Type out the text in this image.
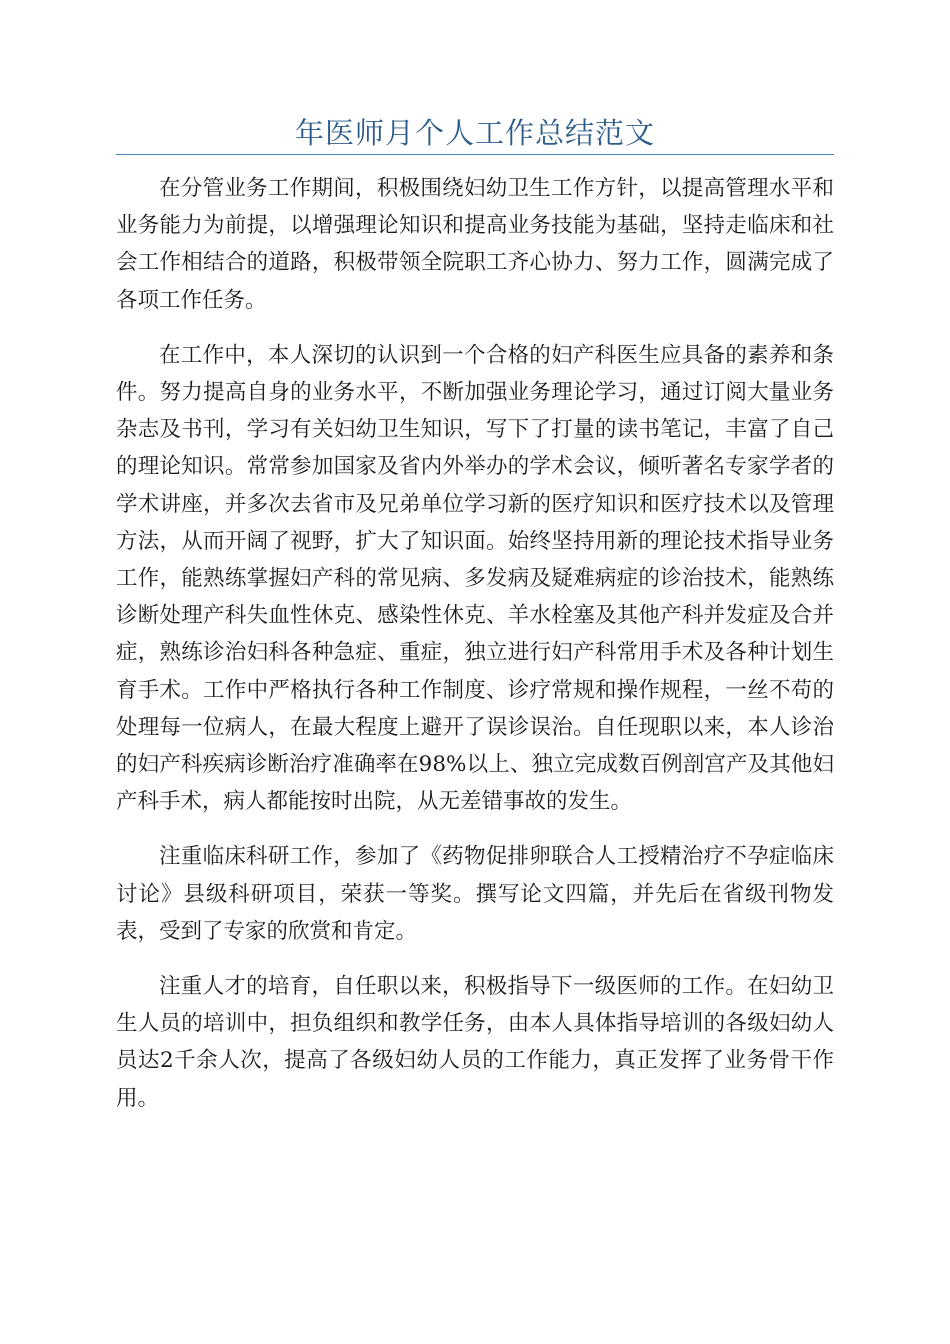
年医师月个人工作总结范文

在分管业务工作期间，积极围绕妇幼卫生工作方针，以提高管理水平和业务能力为前提，以增强理论知识和提高业务技能为基础，坚持走临床和社会工作相结合的道路，积极带领全院职工齐心协力、努力工作，圆满完成了各项工作任务。

在工作中，本人深切的认识到一个合格的妇产科医生应具备的素养和条件。努力提高自身的业务水平，不断加强业务理论学习，通过订阅大量业务杂志及书刊，学习有关妇幼卫生知识，写下了打量的读书笔记，丰富了自己的理论知识。常常参加国家及省内外举办的学术会议，倾听著名专家学者的学术讲座，并多次去省市及兄弟单位学习新的医疗知识和医疗技术以及管理方法，从而开阔了视野，扩大了知识面。始终坚持用新的理论技术指导业务工作，能熟练掌握妇产科的常见病、多发病及疑难病症的诊治技术，能熟练诊断处理产科失血性休克、感染性休克、羊水栓塞及其他产科并发症及合并症，熟练诊治妇科各种急症、重症，独立进行妇产科常用手术及各种计划生育手术。工作中严格执行各种工作制度、诊疗常规和操作规程，一丝不苟的处理每一位病人，在最大程度上避开了误诊误治。自任现职以来，本人诊治的妇产科疾病诊断治疗准确率在98%以上、独立完成数百例剖宫产及其他妇产科手术，病人都能按时出院，从无差错事故的发生。

注重临床科研工作，参加了《药物促排卵联合人工授精治疗不孕症临床讨论》县级科研项目，荣获一等奖。撰写论文四篇，并先后在省级刊物发表，受到了专家的欣赏和肯定。

注重人才的培育，自任职以来，积极指导下一级医师的工作。在妇幼卫生人员的培训中，担负组织和教学任务，由本人具体指导培训的各级妇幼人员达2千余人次，提高了各级妇幼人员的工作能力，真正发挥了业务骨干作用。
